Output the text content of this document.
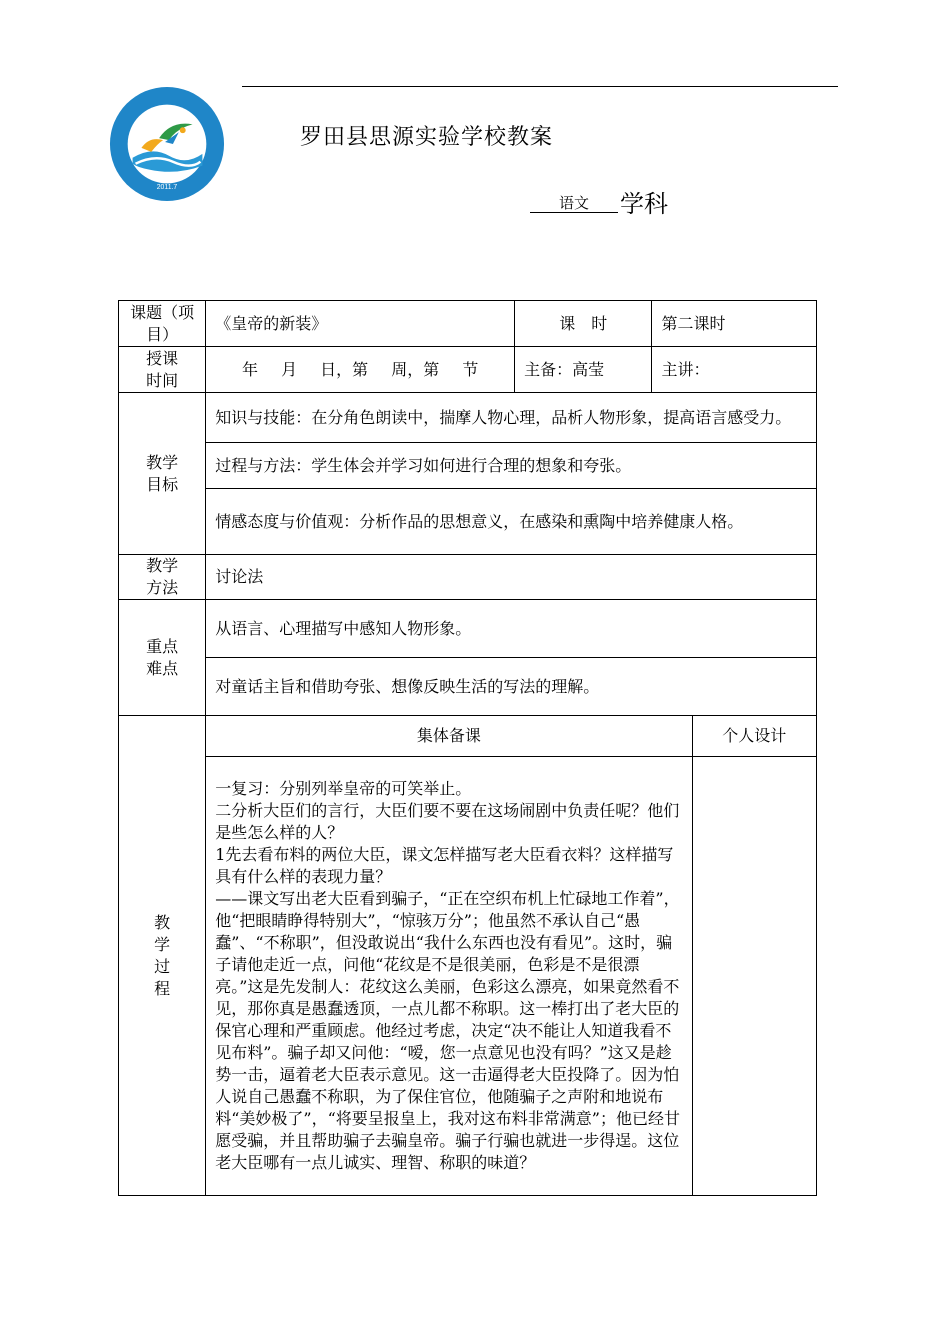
2011.7
罗田县思源实验学校教案
语文 学科
课题（项目）	《皇帝的新装》	课　时	第二课时	
授课时间	年　 月　 日，第　 周，第　 节	主备：高莹	主讲：	
教学目标	知识与技能：在分角色朗读中，揣摩人物心理，品析人物形象，提高语言感受力。			
	过程与方法：学生体会并学习如何进行合理的想象和夸张。			
	情感态度与价值观：分析作品的思想意义，在感染和熏陶中培养健康人格。			
教学方法	讨论法			
重点难点	从语言、心理描写中感知人物形象。			
	对童话主旨和借助夸张、想像反映生活的写法的理解。			
教学过程	集体备课			个人设计

	一复习：分别列举皇帝的可笑举止。

二分析大臣们的言行，大臣们要不要在这场闹剧中负责任呢？他们是些怎么样的人？

1先去看布料的两位大臣，课文怎样描写老大臣看衣料？这样描写具有什么样的表现力量？

——课文写出老大臣看到骗子，“正在空织布机上忙碌地工作着”，他“把眼睛睁得特别大”，“惊骇万分”；他虽然不承认自己“愚蠢”、“不称职”，但没敢说出“我什么东西也没有看见”。这时，骗子请他走近一点，问他“花纹是不是很美丽，色彩是不是很漂亮。”这是先发制人：花纹这么美丽，色彩这么漂亮，如果竟然看不见，那你真是愚蠢透顶，一点儿都不称职。这一棒打出了老大臣的保官心理和严重顾虑。他经过考虑，决定“决不能让人知道我看不见布料”。骗子却又问他：“嗳，您一点意见也没有吗？”这又是趁势一击，逼着老大臣表示意见。这一击逼得老大臣投降了。因为怕人说自己愚蠢不称职，为了保住官位，他随骗子之声附和地说布料“美妙极了”，“将要呈报皇上，我对这布料非常满意”；他已经甘愿受骗，并且帮助骗子去骗皇帝。骗子行骗也就进一步得逞。这位老大臣哪有一点儿诚实、理智、称职的味道？			
